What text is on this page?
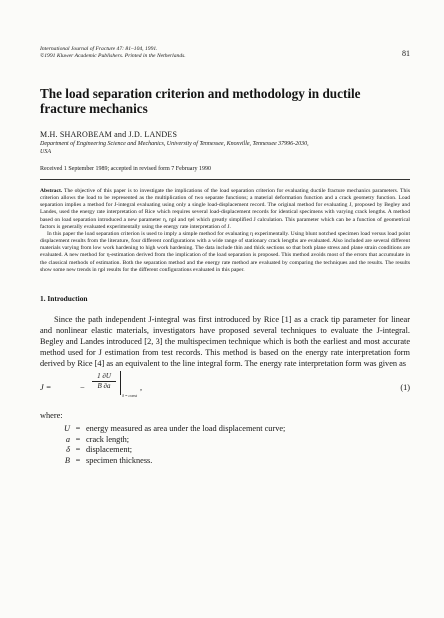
International Journal of Fracture 47: 81–104, 1991.
©1991 Kluwer Academic Publishers. Printed in the Netherlands.	81
The load separation criterion and methodology in ductile
fracture mechanics
M.H. SHAROBEAM and J.D. LANDES
Department of Engineering Science and Mechanics, University of Tennessee, Knoxville, Tennessee 37996-2030, USA
Received 1 September 1989; accepted in revised form 7 February 1990

Abstract. The objective of this paper is to investigate the implications of the load separation criterion for evaluating ductile fracture mechanics parameters. This criterion allows the load to be represented as the multiplication of two separate functions; a material deformation function and a crack geometry function. Load separation implies a method for J-integral evaluating using only a single load-displacement record. The original method for evaluating J, proposed by Begley and Landes, used the energy rate interpretation of Rice which requires several load-displacement records for identical specimens with varying crack lengths. A method based on load separation introduced a new parameter η, ηpl and ηel which greatly simplified J calculation. This parameter which can be a function of geometrical factors is generally evaluated experimentally using the energy rate interpretation of J.

In this paper the load separation criterion is used to imply a simple method for evaluating η experimentally. Using blunt notched specimen load versus load point displacement results from the literature, four different configurations with a wide range of stationary crack lengths are evaluated. Also included are several different materials varying from low work hardening to high work hardening. The data include thin and thick sections so that both plane stress and plane strain conditions are evaluated. A new method for η-estimation derived from the implication of the load separation is proposed. This method avoids most of the errors that accumulate in the classical methods of estimation. Both the separation method and the energy rate method are evaluated by comparing the techniques and the results. The results show some new trends in ηpl results for the different configurations evaluated in this paper.

1. Introduction

Since the path independent J-integral was first introduced by Rice [1] as a crack tip parameter for linear and nonlinear elastic materials, investigators have proposed several techniques to evaluate the J-integral. Begley and Landes introduced [2, 3] the multispecimen technique which is both the earliest and most accurate method used for J estimation from test records. This method is based on the energy rate interpretation form derived by Rice [4] as an equivalent to the line integral form. The energy rate interpretation form was given as

J =	−
1 ∂U
B ∂a
δ = const
,	(1)
where:
U = energy measured as area under the load displacement curve;
a = crack length;
δ = displacement;
B = specimen thickness.
